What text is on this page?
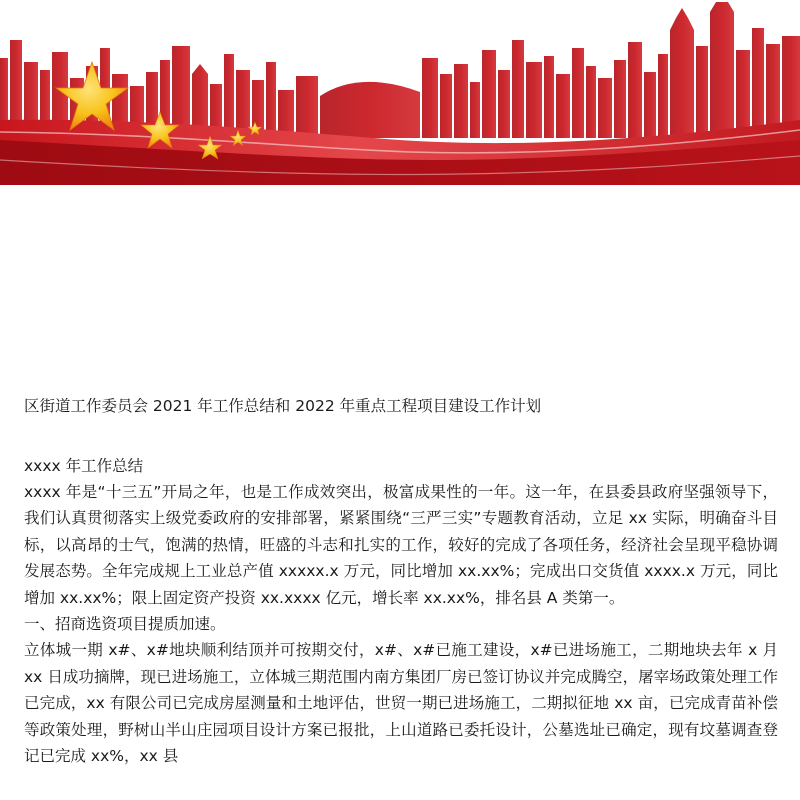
区街道工作委员会 2021 年工作总结和 2022 年重点工程项目建设工作计划
xxxx 年工作总结

xxxx 年是“十三五”开局之年，也是工作成效突出，极富成果性的一年。这一年，在县委县政府坚强领导下，我们认真贯彻落实上级党委政府的安排部署，紧紧围绕“三严三实”专题教育活动，立足 xx 实际，明确奋斗目标，以高昂的士气，饱满的热情，旺盛的斗志和扎实的工作，较好的完成了各项任务，经济社会呈现平稳协调发展态势。全年完成规上工业总产值 xxxxx.x 万元，同比增加 xx.xx%；完成出口交货值 xxxx.x 万元，同比增加 xx.xx%；限上固定资产投资 xx.xxxx 亿元，增长率 xx.xx%，排名县 A 类第一。

一、招商选资项目提质加速。

立体城一期 x#、x#地块顺利结顶并可按期交付，x#、x#已施工建设，x#已进场施工，二期地块去年 x 月 xx 日成功摘牌，现已进场施工，立体城三期范围内南方集团厂房已签订协议并完成腾空，屠宰场政策处理工作已完成，xx 有限公司已完成房屋测量和土地评估，世贸一期已进场施工，二期拟征地 xx 亩，已完成青苗补偿等政策处理，野树山半山庄园项目设计方案已报批，上山道路已委托设计，公墓选址已确定，现有坟墓调查登记已完成 xx%，xx 县
